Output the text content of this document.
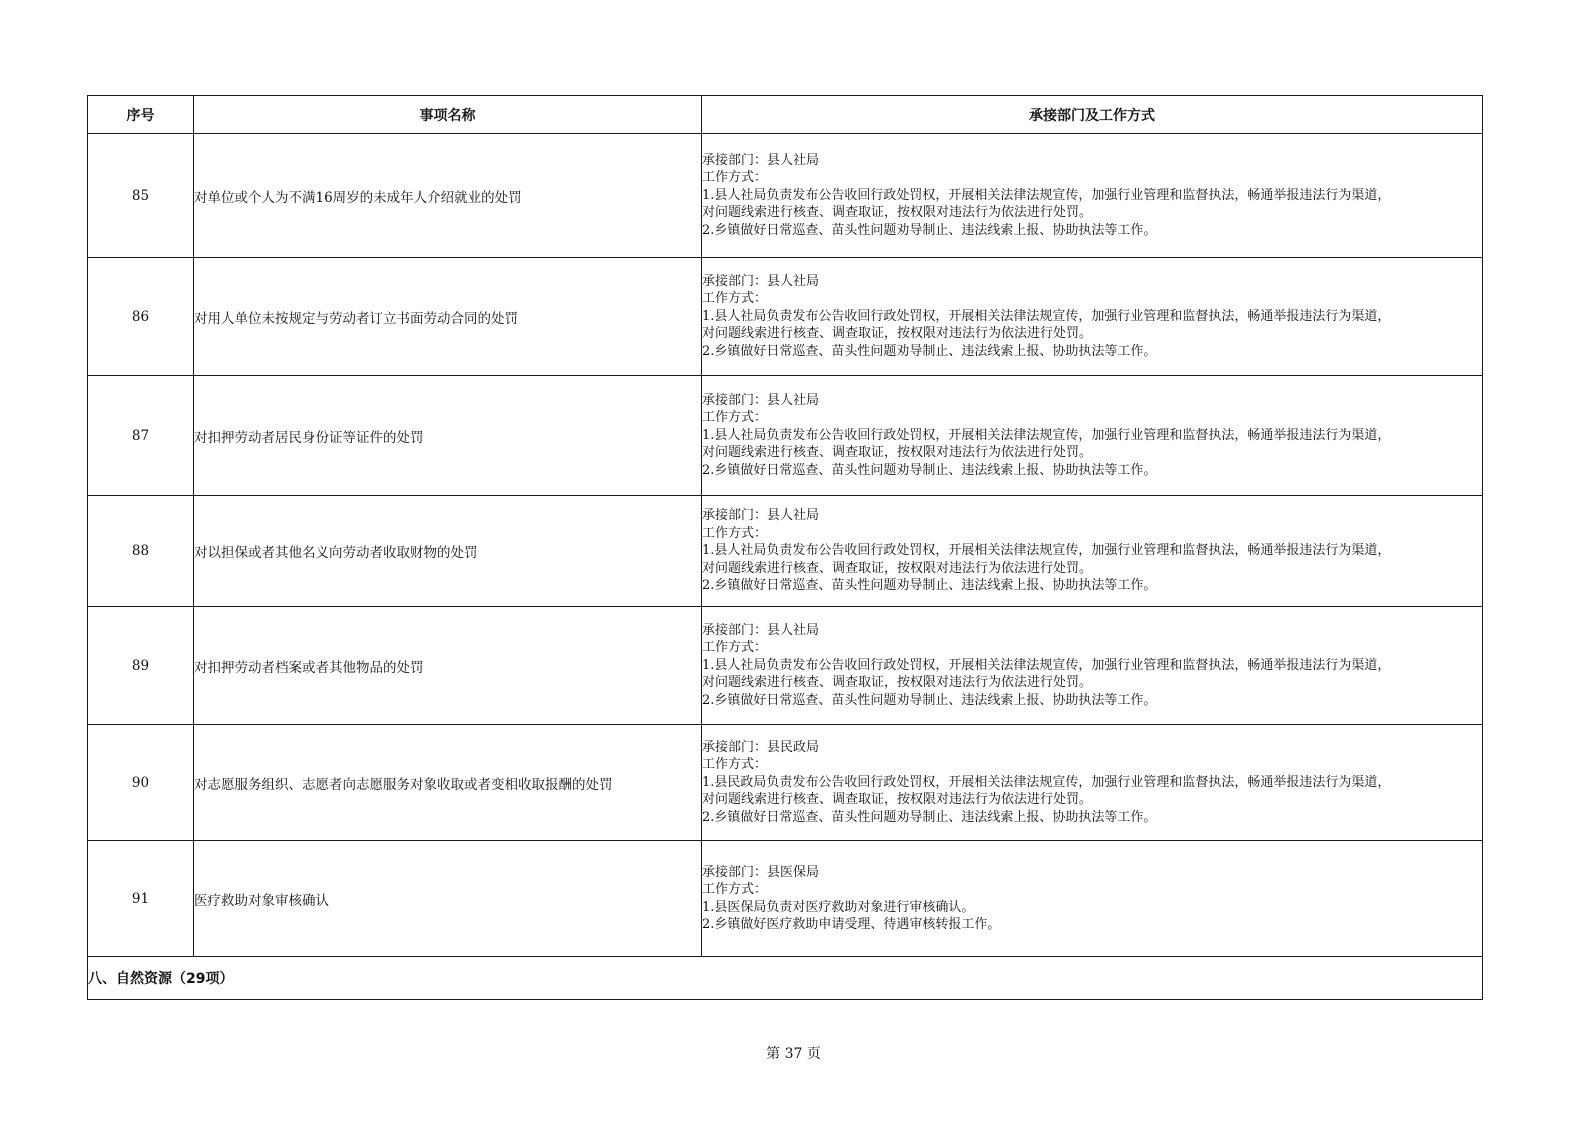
序号	事项名称	承接部门及工作方式
85	对单位或个人为不满16周岁的未成年人介绍就业的处罚	承接部门：县人社局
工作方式：
1.县人社局负责发布公告收回行政处罚权，开展相关法律法规宣传，加强行业管理和监督执法，畅通举报违法行为渠道，
对问题线索进行核查、调查取证，按权限对违法行为依法进行处罚。
2.乡镇做好日常巡查、苗头性问题劝导制止、违法线索上报、协助执法等工作。

86	对用人单位未按规定与劳动者订立书面劳动合同的处罚	承接部门：县人社局
工作方式：
1.县人社局负责发布公告收回行政处罚权，开展相关法律法规宣传，加强行业管理和监督执法，畅通举报违法行为渠道，
对问题线索进行核查、调查取证，按权限对违法行为依法进行处罚。
2.乡镇做好日常巡查、苗头性问题劝导制止、违法线索上报、协助执法等工作。

87	对扣押劳动者居民身份证等证件的处罚	承接部门：县人社局
工作方式：
1.县人社局负责发布公告收回行政处罚权，开展相关法律法规宣传，加强行业管理和监督执法，畅通举报违法行为渠道，
对问题线索进行核查、调查取证，按权限对违法行为依法进行处罚。
2.乡镇做好日常巡查、苗头性问题劝导制止、违法线索上报、协助执法等工作。

88	对以担保或者其他名义向劳动者收取财物的处罚	承接部门：县人社局
工作方式：
1.县人社局负责发布公告收回行政处罚权，开展相关法律法规宣传，加强行业管理和监督执法，畅通举报违法行为渠道，
对问题线索进行核查、调查取证，按权限对违法行为依法进行处罚。
2.乡镇做好日常巡查、苗头性问题劝导制止、违法线索上报、协助执法等工作。

89	对扣押劳动者档案或者其他物品的处罚	承接部门：县人社局
工作方式：
1.县人社局负责发布公告收回行政处罚权，开展相关法律法规宣传，加强行业管理和监督执法，畅通举报违法行为渠道，
对问题线索进行核查、调查取证，按权限对违法行为依法进行处罚。
2.乡镇做好日常巡查、苗头性问题劝导制止、违法线索上报、协助执法等工作。

90	对志愿服务组织、志愿者向志愿服务对象收取或者变相收取报酬的处罚	承接部门：县民政局
工作方式：
1.县民政局负责发布公告收回行政处罚权，开展相关法律法规宣传，加强行业管理和监督执法，畅通举报违法行为渠道，
对问题线索进行核查、调查取证，按权限对违法行为依法进行处罚。
2.乡镇做好日常巡查、苗头性问题劝导制止、违法线索上报、协助执法等工作。

91	医疗救助对象审核确认	承接部门：县医保局
工作方式：
1.县医保局负责对医疗救助对象进行审核确认。
2.乡镇做好医疗救助申请受理、待遇审核转报工作。

八、自然资源（29项）		
第 37 页
